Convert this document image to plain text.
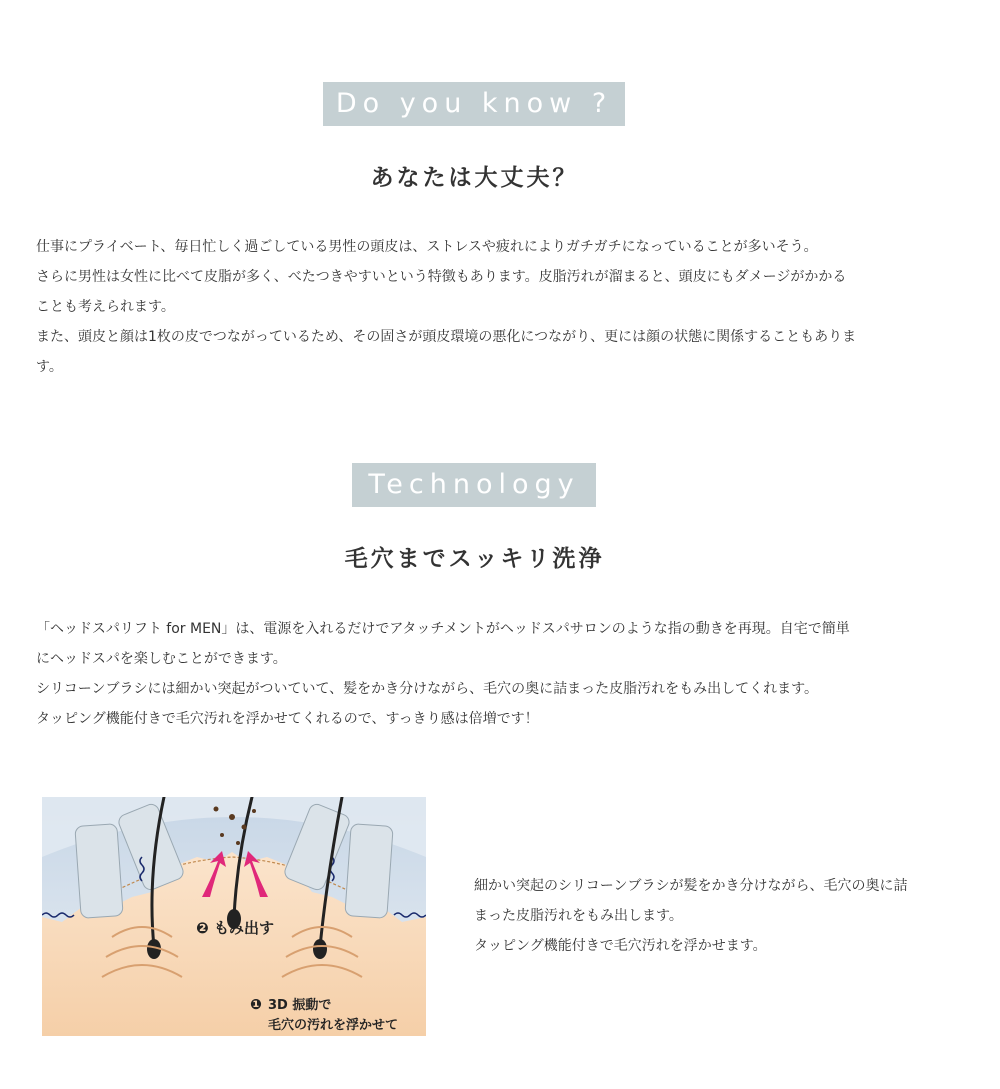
Do you know ?
あなたは大丈夫？

仕事にプライベート、毎日忙しく過ごしている男性の頭皮は、ストレスや疲れによりガチガチになっていることが多いそう。

さらに男性は女性に比べて皮脂が多く、べたつきやすいという特徴もあります。皮脂汚れが溜まると、頭皮にもダメージがかかる

ことも考えられます。

また、頭皮と顔は1枚の皮でつながっているため、その固さが頭皮環境の悪化につながり、更には顔の状態に関係することもありま

す。

Technology
毛穴までスッキリ洗浄

「ヘッドスパリフト for MEN」は、電源を入れるだけでアタッチメントがヘッドスパサロンのような指の動きを再現。自宅で簡単

にヘッドスパを楽しむことができます。

シリコーンブラシには細かい突起がついていて、髪をかき分けながら、毛穴の奥に詰まった皮脂汚れをもみ出してくれます。

タッピング機能付きで毛穴汚れを浮かせてくれるので、すっきり感は倍増です！

❷ もみ出す
❶ 3D 振動で
毛穴の汚れを浮かせて

細かい突起のシリコーンブラシが髪をかき分けながら、毛穴の奥に詰

まった皮脂汚れをもみ出します。

タッピング機能付きで毛穴汚れを浮かせます。
